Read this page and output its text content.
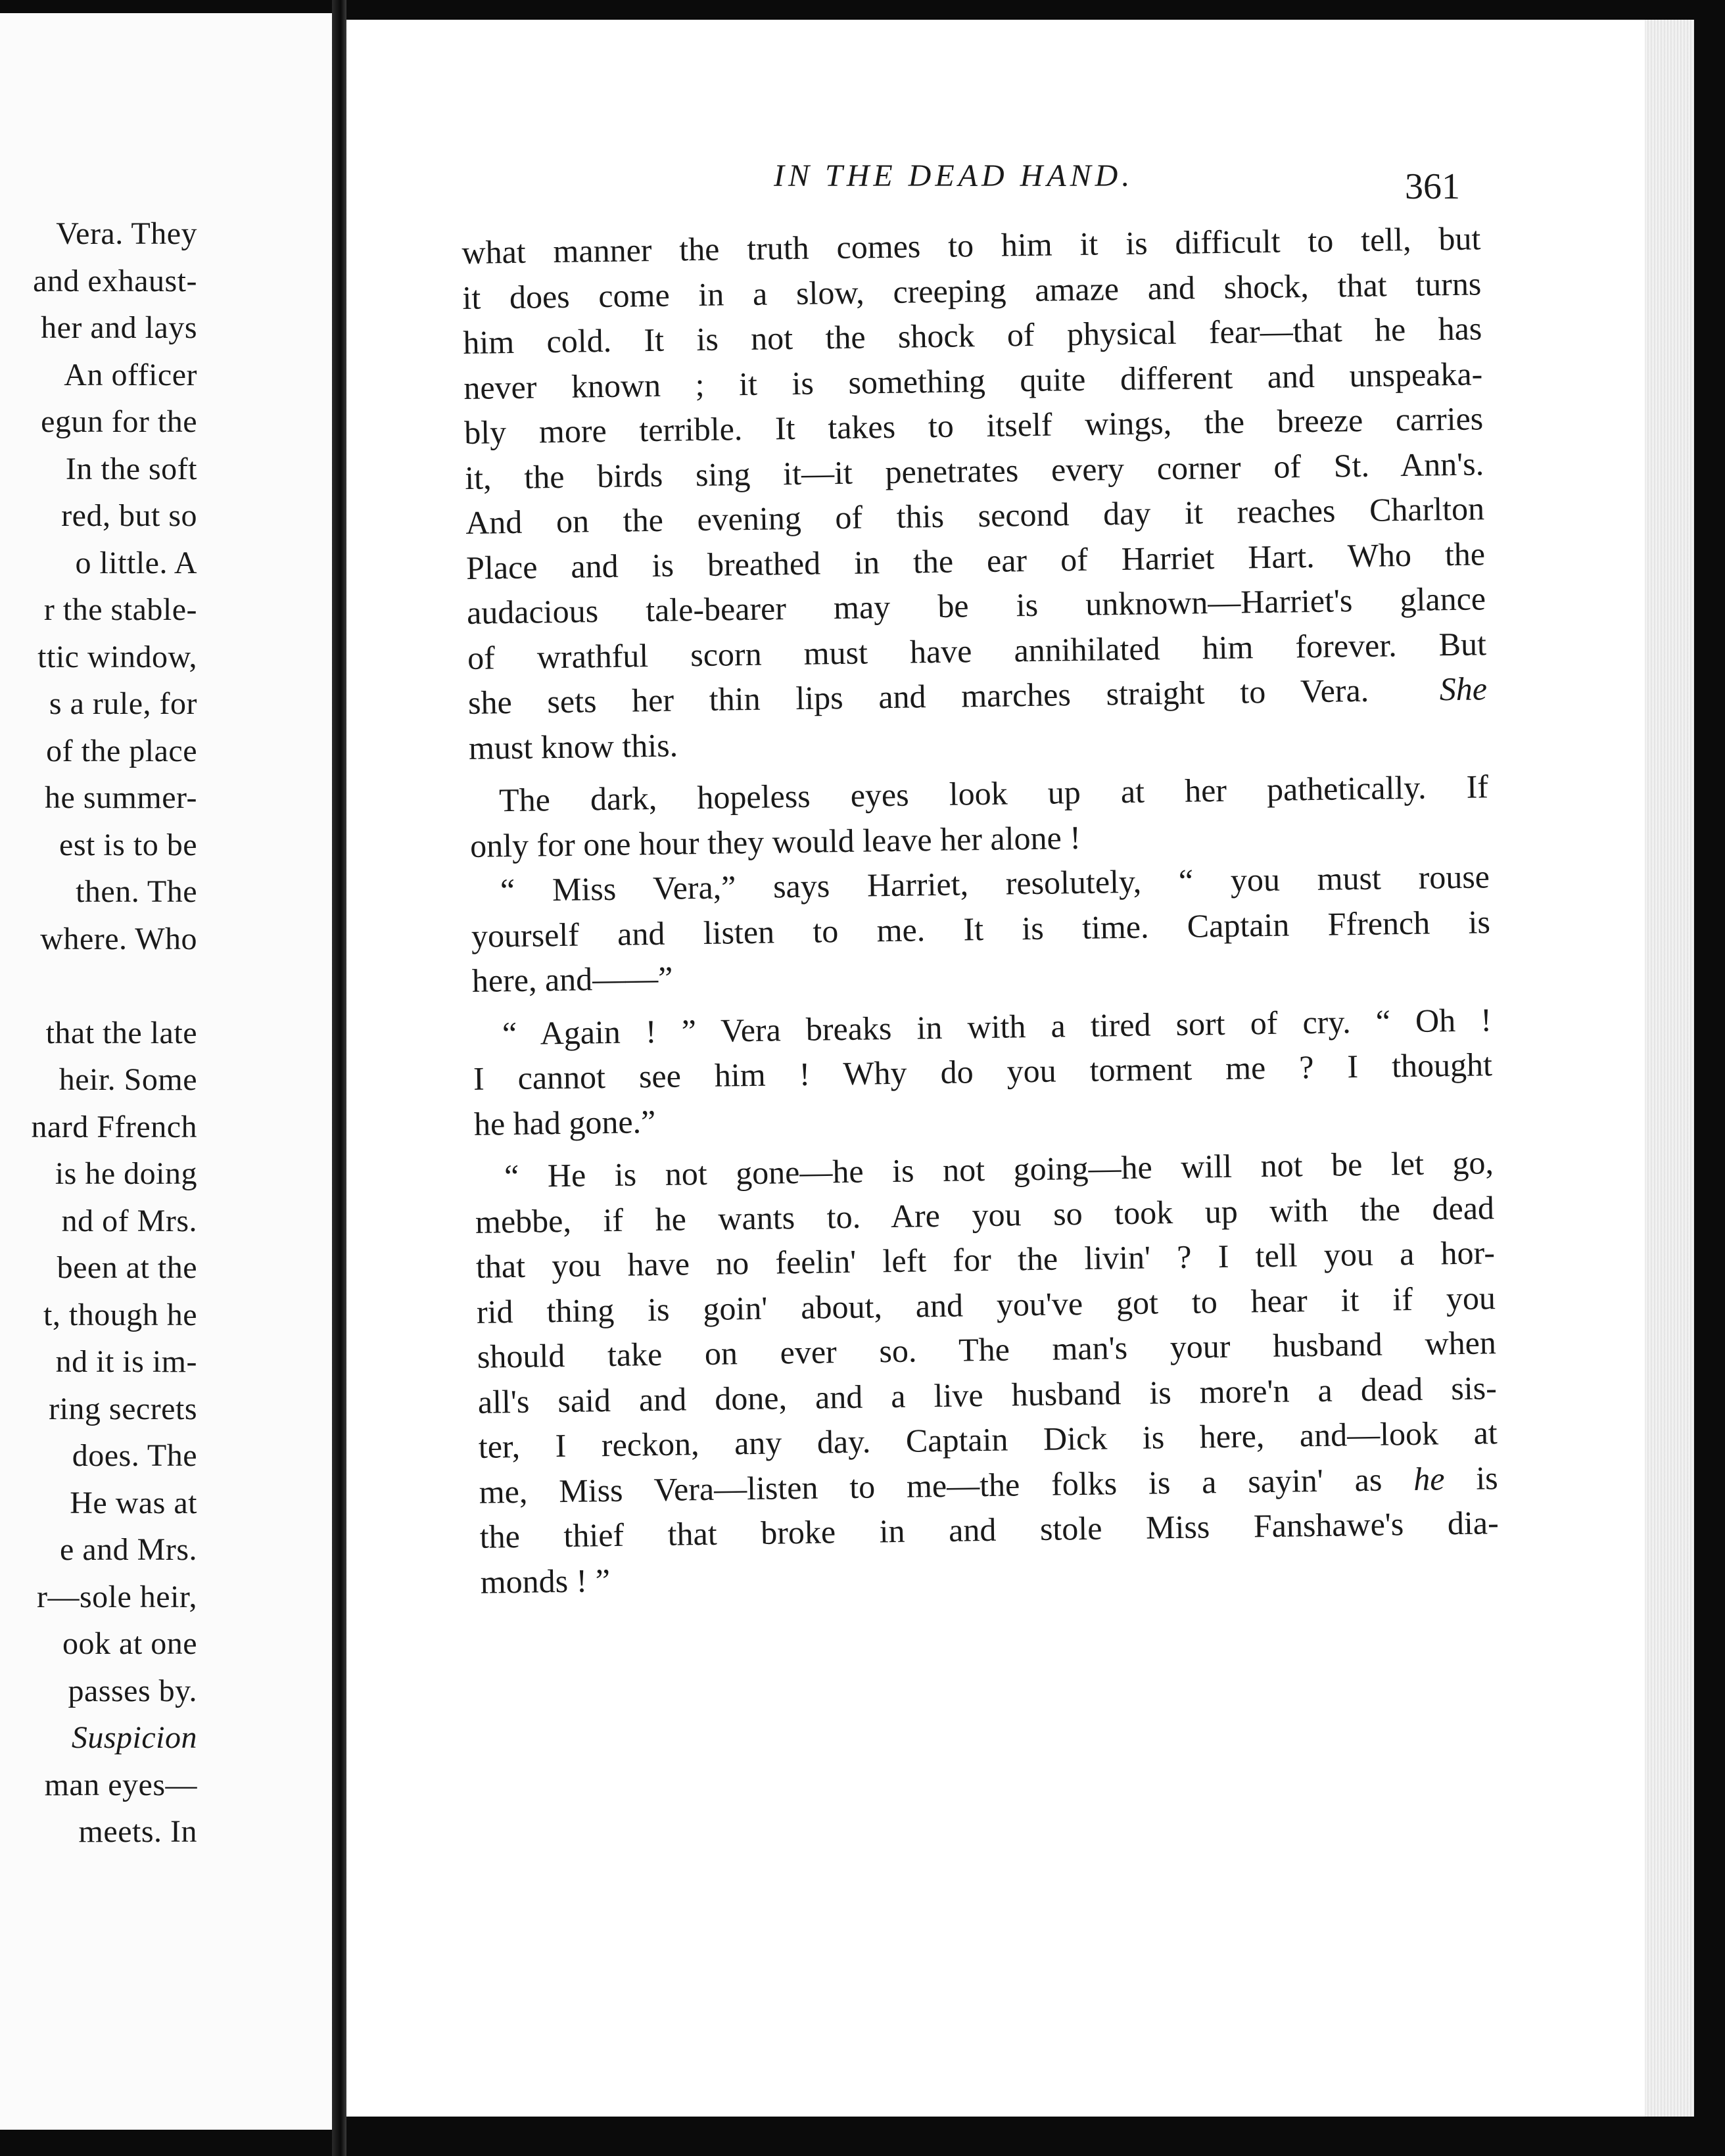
Vera. They
and exhaust-
her and lays
An officer
egun for the
In the soft
red, but so
o little. A
r the stable-
ttic window,
s a rule, for
of the place
he summer-
est is to be
then. The
where. Who
that the late
heir. Some
nard Ffrench
is he doing
nd of Mrs.
been at the
t, though he
nd it is im-
ring secrets
does. The
He was at
e and Mrs.
r—sole heir,
ook at one
passes by.
Suspicion
man eyes—
meets. In
IN THE DEAD HAND.	361
what manner the truth comes to him it is difficult to tell, but
it does come in a slow, creeping amaze and shock, that turns
him cold. It is not the shock of physical fear—that he has
never known ; it is something quite different and unspeaka-
bly more terrible. It takes to itself wings, the breeze carries
it, the birds sing it—it penetrates every corner of St. Ann's.
And on the evening of this second day it reaches Charlton
Place and is breathed in the ear of Harriet Hart. Who the
audacious tale-bearer may be is unknown—Harriet's glance
of wrathful scorn must have annihilated him forever. But
she sets her thin lips and marches straight to Vera. She
must know this.
The dark, hopeless eyes look up at her pathetically. If
only for one hour they would leave her alone !
“ Miss Vera,” says Harriet, resolutely, “ you must rouse
yourself and listen to me. It is time. Captain Ffrench is
here, and——”
“ Again ! ” Vera breaks in with a tired sort of cry. “ Oh !
I cannot see him ! Why do you torment me ? I thought
he had gone.”
“ He is not gone—he is not going—he will not be let go,
mebbe, if he wants to. Are you so took up with the dead
that you have no feelin' left for the livin' ? I tell you a hor-
rid thing is goin' about, and you've got to hear it if you
should take on ever so. The man's your husband when
all's said and done, and a live husband is more'n a dead sis-
ter, I reckon, any day. Captain Dick is here, and—look at
me, Miss Vera—listen to me—the folks is a sayin' as he is
the thief that broke in and stole Miss Fanshawe's dia-
monds ! ”
